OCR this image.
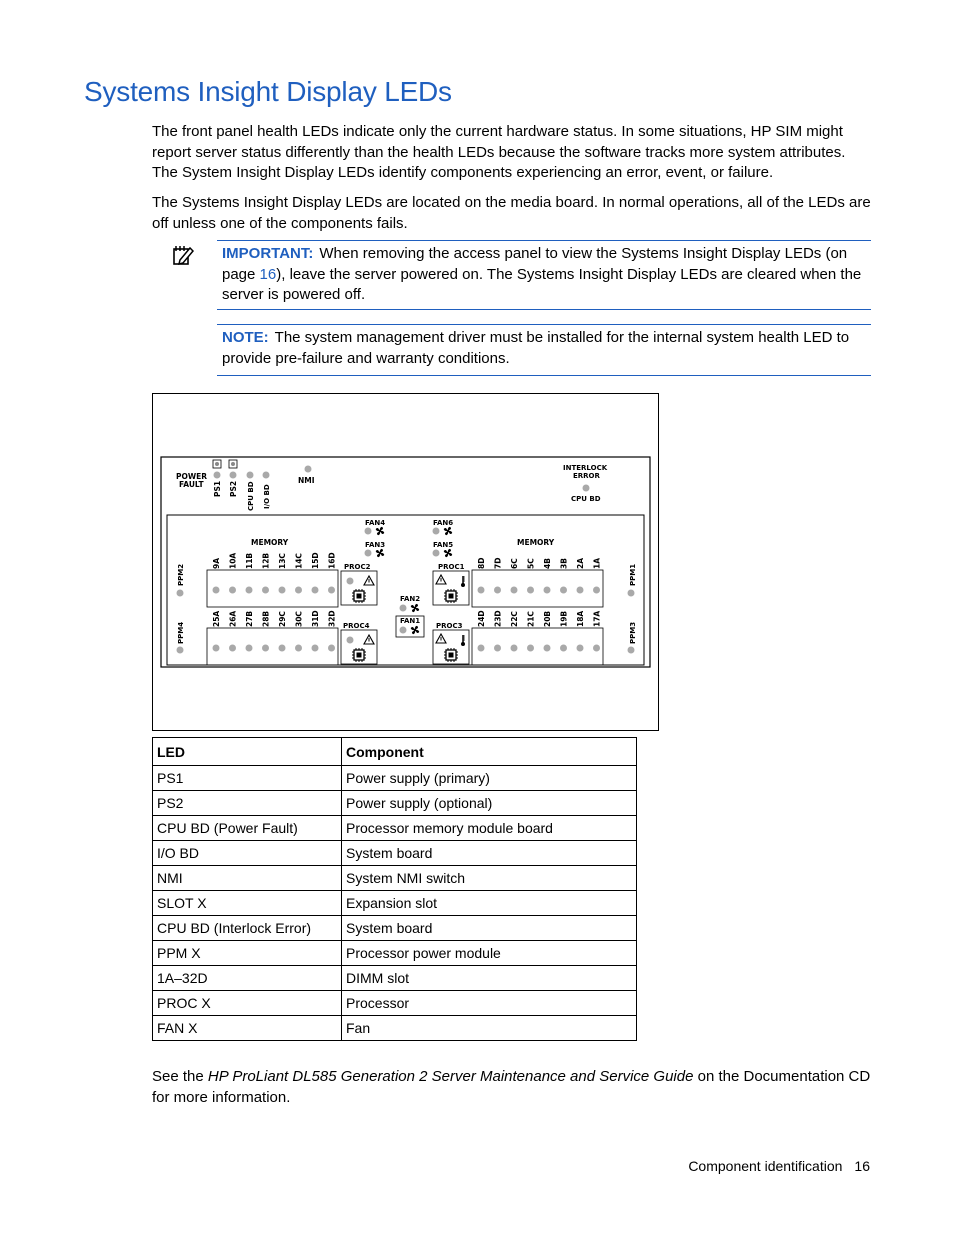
Systems Insight Display LEDs

The front panel health LEDs indicate only the current hardware status. In some situations, HP SIM might report server status differently than the health LEDs because the software tracks more system attributes. The System Insight Display LEDs identify components experiencing an error, event, or failure.

The Systems Insight Display LEDs are located on the media board. In normal operations, all of the LEDs are off unless one of the components fails.

IMPORTANT: When removing the access panel to view the Systems Insight Display LEDs (on page 16), leave the server powered on. The Systems Insight Display LEDs are cleared when the server is powered off.
NOTE: The system management driver must be installed for the internal system health LED to provide pre-failure and warranty conditions.
POWER
FAULT PS1 PS2 CPU BD I/O BD
NMI
INTERLOCK
ERROR
CPU BD
MEMORY	MEMORY
FAN4
FAN3
FAN6
FAN5
FAN2
FAN1
PROC2
PROC4
PROC1
PROC3
PPM2
PPM4
PPM1
PPM3
9A 10A 11B 12B 13C 14C 15D 16D
25A 26A 27B 28B 29C 30C 31D 32D
8D 7D 6C 5C 4B 3B 2A 1A
24D 23D 22C 21C 20B 19B 18A 17A
LED	Component
PS1	Power supply (primary)
PS2	Power supply (optional)
CPU BD (Power Fault)	Processor memory module board
I/O BD	System board
NMI	System NMI switch
SLOT X	Expansion slot
CPU BD (Interlock Error)	System board
PPM X	Processor power module
1A–32D	DIMM slot
PROC X	Processor
FAN X	Fan

See the HP ProLiant DL585 Generation 2 Server Maintenance and Service Guide on the Documentation CD for more information.

Component identification 16
